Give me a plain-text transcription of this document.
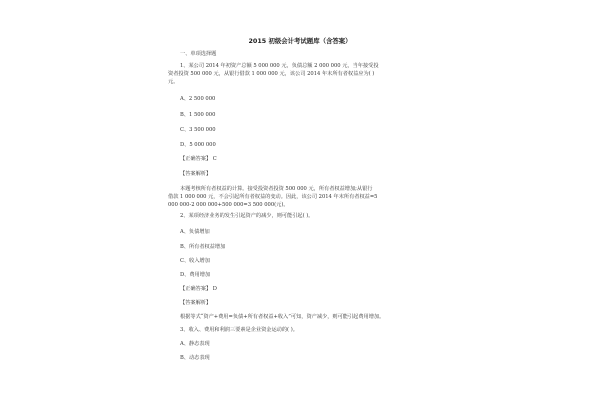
2015 初级会计考试题库（含答案）
一、单项选择题
1、某公司 2014 年初资产总额 5 000 000 元，负债总额 2 000 000 元，当年接受投
资者投资 500 000 元，从银行借款 1 000 000 元，该公司 2014 年末所有者权益应为( )
元。
A、2 500 000
B、1 500 000
C、3 500 000
D、5 000 000
【正确答案】 C
【答案解析】
本题考核所有者权益的计算。接受投资者投资 500 000 元，所有者权益增加;从银行
借款 1 000 000 元，不会引起所有者权益的变动。因此，该公司 2014 年末所有者权益=5
000 000-2 000 000+500 000=3 500 000(元)。
2、某项经济业务的发生引起资产的减少，则可能引起( )。
A、负债增加
B、所有者权益增加
C、收入增加
D、费用增加
【正确答案】 D
【答案解析】
根据等式“资产+费用=负债+所有者权益+收入”可知，资产减少，则可能引起费用增加。
3、收入、费用和利润三要素是企业资金运动的( )。
A、静态表现
B、动态表现
